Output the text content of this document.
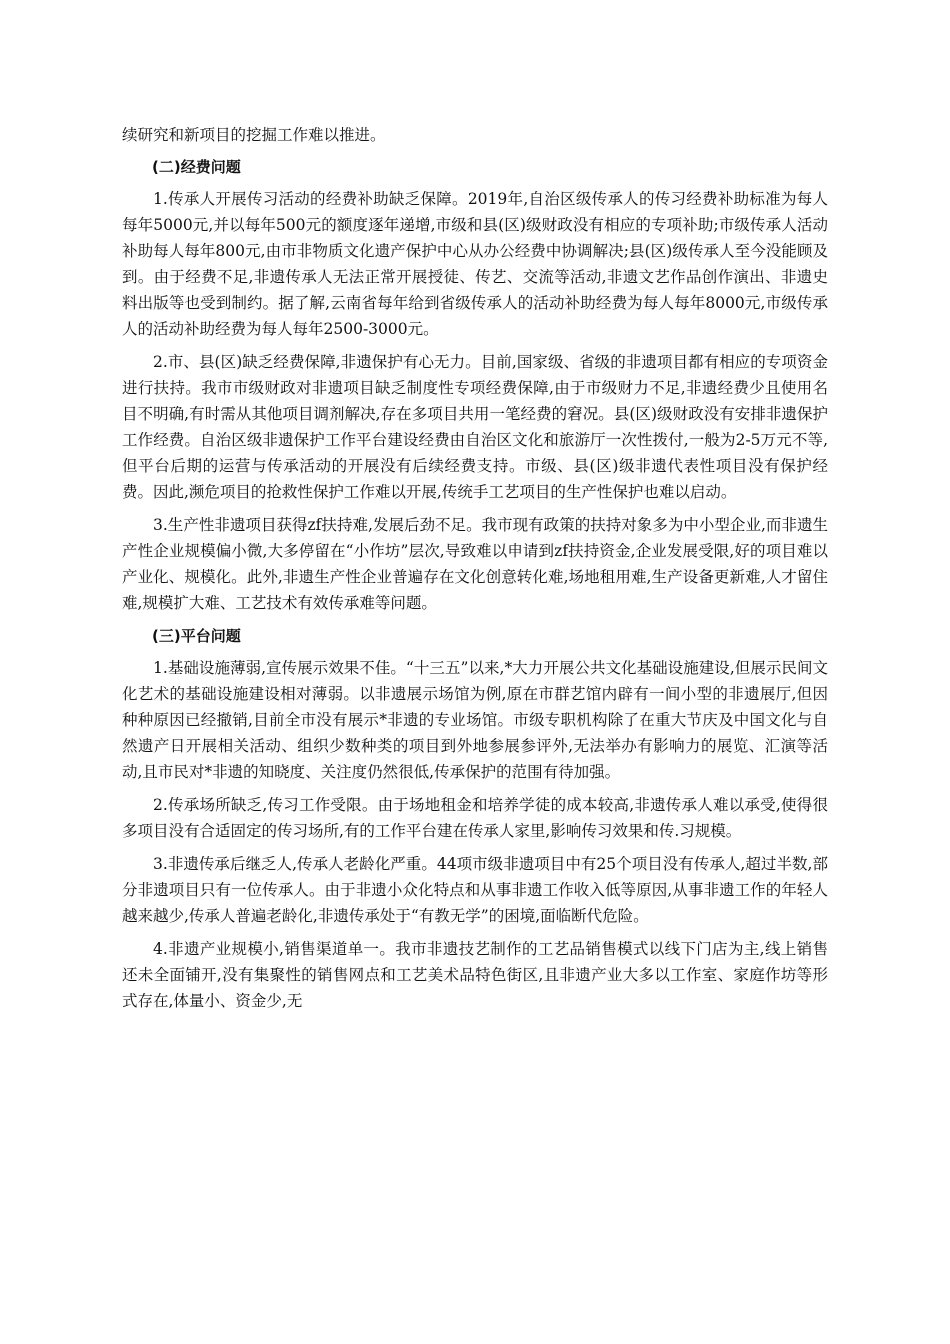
续研究和新项目的挖掘工作难以推进。

(二)经费问题

1.传承人开展传习活动的经费补助缺乏保障。2019年,自治区级传承人的传习经费补助标准为每人每年5000元,并以每年500元的额度逐年递增,市级和县(区)级财政没有相应的专项补助;市级传承人活动补助每人每年800元,由市非物质文化遗产保护中心从办公经费中协调解决;县(区)级传承人至今没能顾及到。由于经费不足,非遗传承人无法正常开展授徒、传艺、交流等活动,非遗文艺作品创作演出、非遗史料出版等也受到制约。据了解,云南省每年给到省级传承人的活动补助经费为每人每年8000元,市级传承人的活动补助经费为每人每年2500-3000元。

2.市、县(区)缺乏经费保障,非遗保护有心无力。目前,国家级、省级的非遗项目都有相应的专项资金进行扶持。我市市级财政对非遗项目缺乏制度性专项经费保障,由于市级财力不足,非遗经费少且使用名目不明确,有时需从其他项目调剂解决,存在多项目共用一笔经费的窘况。县(区)级财政没有安排非遗保护工作经费。自治区级非遗保护工作平台建设经费由自治区文化和旅游厅一次性拨付,一般为2-5万元不等,但平台后期的运营与传承活动的开展没有后续经费支持。市级、县(区)级非遗代表性项目没有保护经费。因此,濒危项目的抢救性保护工作难以开展,传统手工艺项目的生产性保护也难以启动。

3.生产性非遗项目获得zf扶持难,发展后劲不足。我市现有政策的扶持对象多为中小型企业,而非遗生产性企业规模偏小微,大多停留在“小作坊”层次,导致难以申请到zf扶持资金,企业发展受限,好的项目难以产业化、规模化。此外,非遗生产性企业普遍存在文化创意转化难,场地租用难,生产设备更新难,人才留住难,规模扩大难、工艺技术有效传承难等问题。

(三)平台问题

1.基础设施薄弱,宣传展示效果不佳。“十三五”以来,*大力开展公共文化基础设施建设,但展示民间文化艺术的基础设施建设相对薄弱。以非遗展示场馆为例,原在市群艺馆内辟有一间小型的非遗展厅,但因种种原因已经撤销,目前全市没有展示*非遗的专业场馆。市级专职机构除了在重大节庆及中国文化与自然遗产日开展相关活动、组织少数种类的项目到外地参展参评外,无法举办有影响力的展览、汇演等活动,且市民对*非遗的知晓度、关注度仍然很低,传承保护的范围有待加强。

2.传承场所缺乏,传习工作受限。由于场地租金和培养学徒的成本较高,非遗传承人难以承受,使得很多项目没有合适固定的传习场所,有的工作平台建在传承人家里,影响传习效果和传.习规模。

3.非遗传承后继乏人,传承人老龄化严重。44项市级非遗项目中有25个项目没有传承人,超过半数,部分非遗项目只有一位传承人。由于非遗小众化特点和从事非遗工作收入低等原因,从事非遗工作的年轻人越来越少,传承人普遍老龄化,非遗传承处于“有教无学”的困境,面临断代危险。

4.非遗产业规模小,销售渠道单一。我市非遗技艺制作的工艺品销售模式以线下门店为主,线上销售还未全面铺开,没有集聚性的销售网点和工艺美术品特色街区,且非遗产业大多以工作室、家庭作坊等形式存在,体量小、资金少,无
